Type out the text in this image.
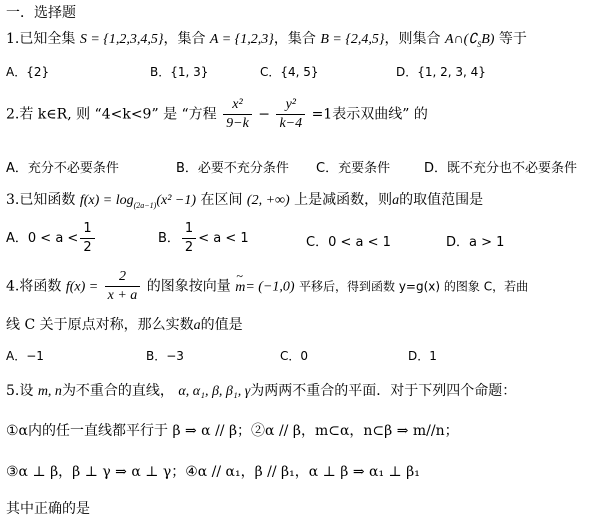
一．选择题
1.已知全集 S = {1,2,3,4,5}，集合 A = {1,2,3}，集合 B = {2,4,5}，则集合 $A\cap(∁_SB)$ 等于
A．{2}	B．{1, 3}	C．{4, 5}	D．{1, 2, 3, 4}
2.若 k∈R, 则 “4<k<9” 是 “方程 $\frac{\text{x²}}{9-k} - \frac{\text{y²}}{k-4} =1$表示双曲线” 的
A．充分不必要条件	B．必要不充分条件 C．充要条件	D．既不充分也不必要条件
3.已知函数 $f(x) = \log_{(2a-1)}(x^2 -1)$ 在区间 (2, +∞) 上是减函数，则a的取值范围是
A．$0 < a < \frac{1}{2}$	B． $\frac{1}{2} < a < 1$	C．0 < a < 1	D．a > 1
4.将函数 $f(x) = \frac{2}{x + a}$ 的图象按向量 ~ m= (−1,0) 平移后，得到函数 y=g(x) 的图象 C，若曲
线 C 关于原点对称，那么实数a的值是
A．−1	B．−3	C．0	D．1
5.设 m, n为不重合的直线， α, α₁, β, β₁, γ为两两不重合的平面．对于下列四个命题：
①α内的任一直线都平行于 β ⇒ α // β；②α // β，m⊂α，n⊂β ⇒ m//n；
③α ⊥ β，β ⊥ γ ⇒ α ⊥ γ；④α // α₁，β // β₁，α ⊥ β ⇒ α₁ ⊥ β₁
其中正确的是
